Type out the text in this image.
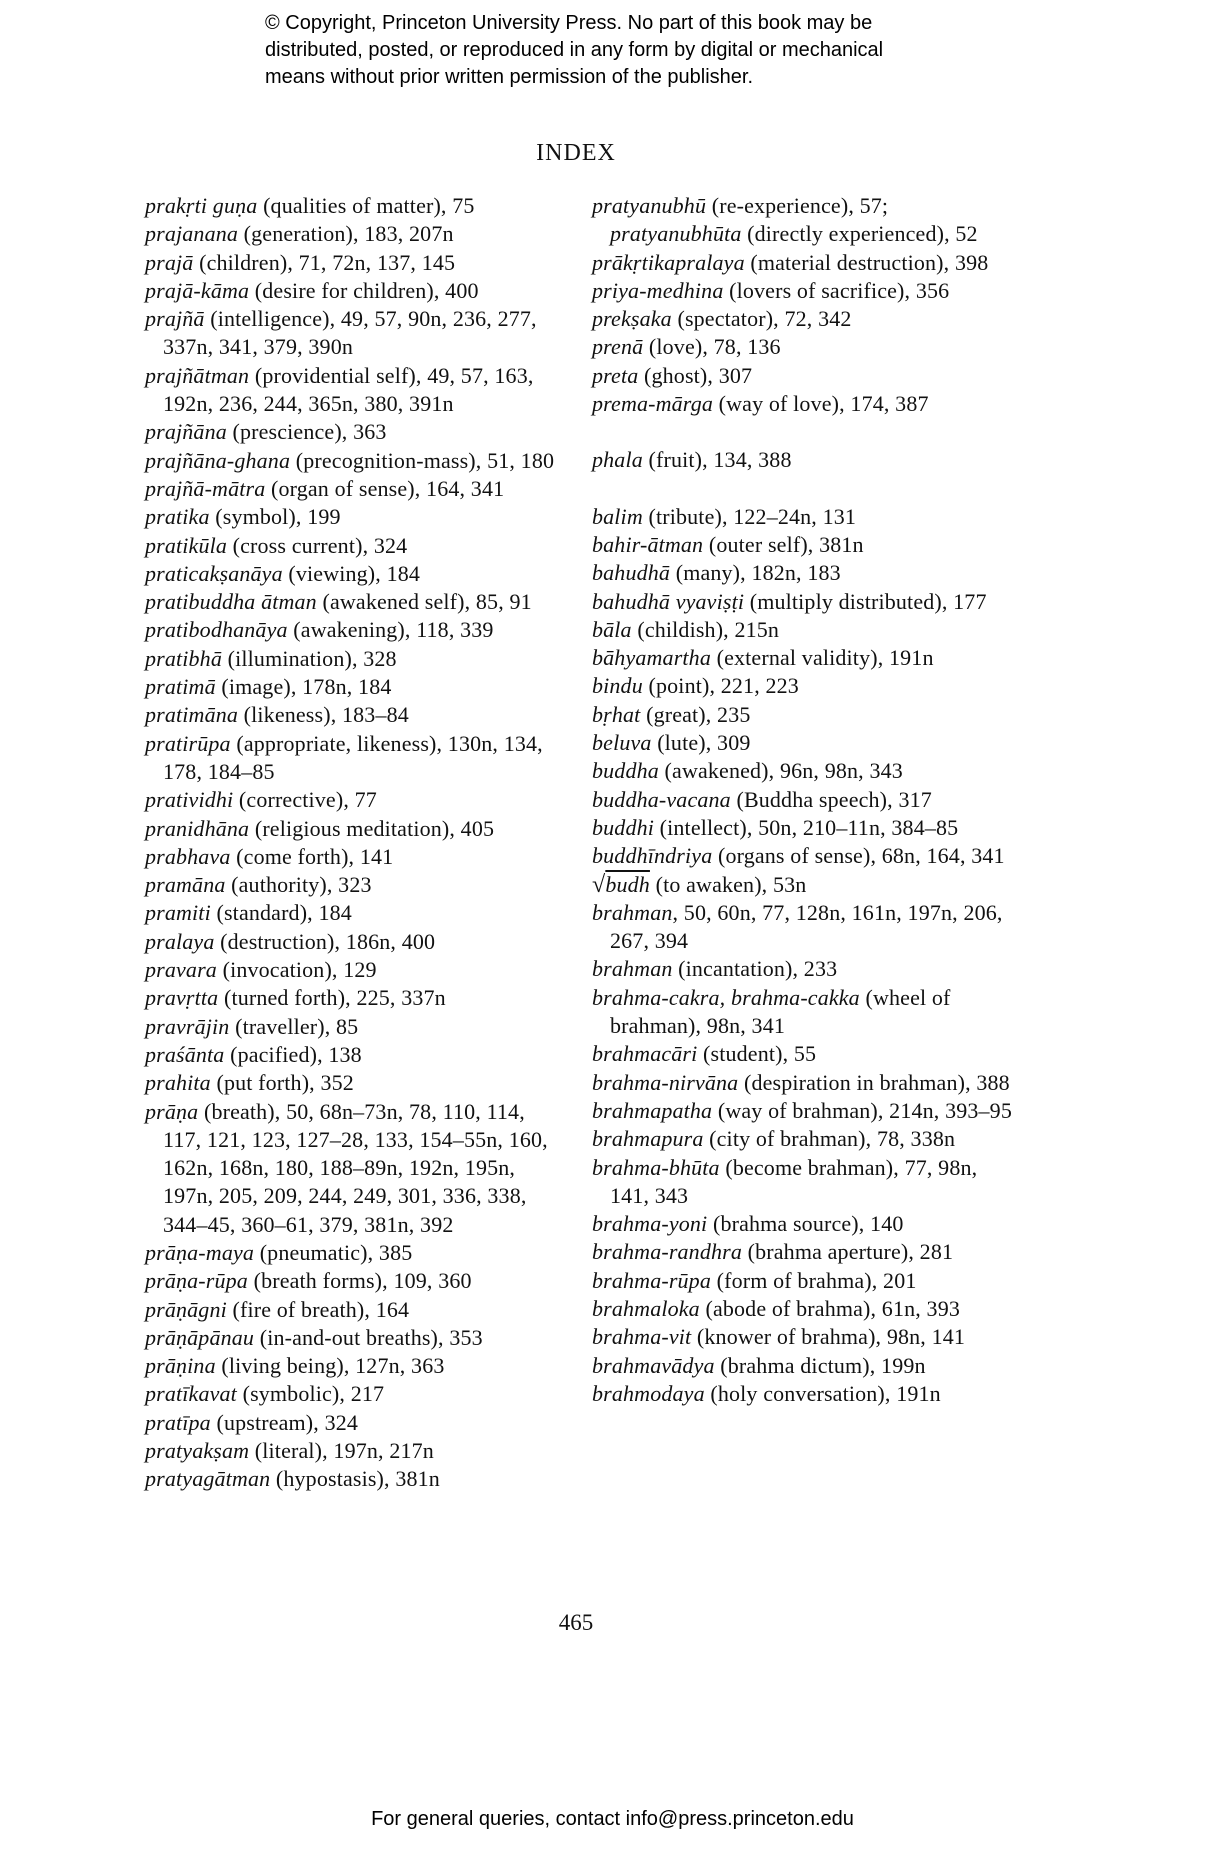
© Copyright, Princeton University Press. No part of this book may be
distributed, posted, or reproduced in any form by digital or mechanical
means without prior written permission of the publisher.
INDEX
prakṛti guṇa (qualities of matter), 75
prajanana (generation), 183, 207n
prajā (children), 71, 72n, 137, 145
prajā-kāma (desire for children), 400
prajñā (intelligence), 49, 57, 90n, 236, 277, 337n, 341, 379, 390n
prajñātman (providential self), 49, 57, 163, 192n, 236, 244, 365n, 380, 391n
prajñāna (prescience), 363
prajñāna-ghana (precognition-mass), 51, 180
prajñā-mātra (organ of sense), 164, 341
pratika (symbol), 199
pratikūla (cross current), 324
praticakṣanāya (viewing), 184
pratibuddha ātman (awakened self), 85, 91
pratibodhanāya (awakening), 118, 339
pratibhā (illumination), 328
pratimā (image), 178n, 184
pratimāna (likeness), 183–84
pratirūpa (appropriate, likeness), 130n, 134, 178, 184–85
pratividhi (corrective), 77
pranidhāna (religious meditation), 405
prabhava (come forth), 141
pramāna (authority), 323
pramiti (standard), 184
pralaya (destruction), 186n, 400
pravara (invocation), 129
pravṛtta (turned forth), 225, 337n
pravrājin (traveller), 85
praśānta (pacified), 138
prahita (put forth), 352
prāṇa (breath), 50, 68n–73n, 78, 110, 114, 117, 121, 123, 127–28, 133, 154–55n, 160, 162n, 168n, 180, 188–89n, 192n, 195n, 197n, 205, 209, 244, 249, 301, 336, 338, 344–45, 360–61, 379, 381n, 392
prāṇa-maya (pneumatic), 385
prāṇa-rūpa (breath forms), 109, 360
prāṇāgni (fire of breath), 164
prāṇāpānau (in-and-out breaths), 353
prāṇina (living being), 127n, 363
pratīkavat (symbolic), 217
pratīpa (upstream), 324
pratyakṣam (literal), 197n, 217n
pratyagātman (hypostasis), 381n
pratyanubhū (re-experience), 57; pratyanubhūta (directly experienced), 52
prākṛtikapralaya (material destruction), 398
priya-medhina (lovers of sacrifice), 356
prekṣaka (spectator), 72, 342
prenā (love), 78, 136
preta (ghost), 307
prema-mārga (way of love), 174, 387
phala (fruit), 134, 388
balim (tribute), 122–24n, 131
bahir-ātman (outer self), 381n
bahudhā (many), 182n, 183
bahudhā vyaviṣṭi (multiply distributed), 177
bāla (childish), 215n
bāhyamartha (external validity), 191n
bindu (point), 221, 223
bṛhat (great), 235
beluva (lute), 309
buddha (awakened), 96n, 98n, 343
buddha-vacana (Buddha speech), 317
buddhi (intellect), 50n, 210–11n, 384–85
buddhīndriya (organs of sense), 68n, 164, 341
√budh (to awaken), 53n
brahman, 50, 60n, 77, 128n, 161n, 197n, 206, 267, 394
brahman (incantation), 233
brahma-cakra, brahma-cakka (wheel of brahman), 98n, 341
brahmacāri (student), 55
brahma-nirvāna (despiration in brahman), 388
brahmapatha (way of brahman), 214n, 393–95
brahmapura (city of brahman), 78, 338n
brahma-bhūta (become brahman), 77, 98n, 141, 343
brahma-yoni (brahma source), 140
brahma-randhra (brahma aperture), 281
brahma-rūpa (form of brahma), 201
brahmaloka (abode of brahma), 61n, 393
brahma-vit (knower of brahma), 98n, 141
brahmavādya (brahma dictum), 199n
brahmodaya (holy conversation), 191n
465
For general queries, contact info@press.princeton.edu
